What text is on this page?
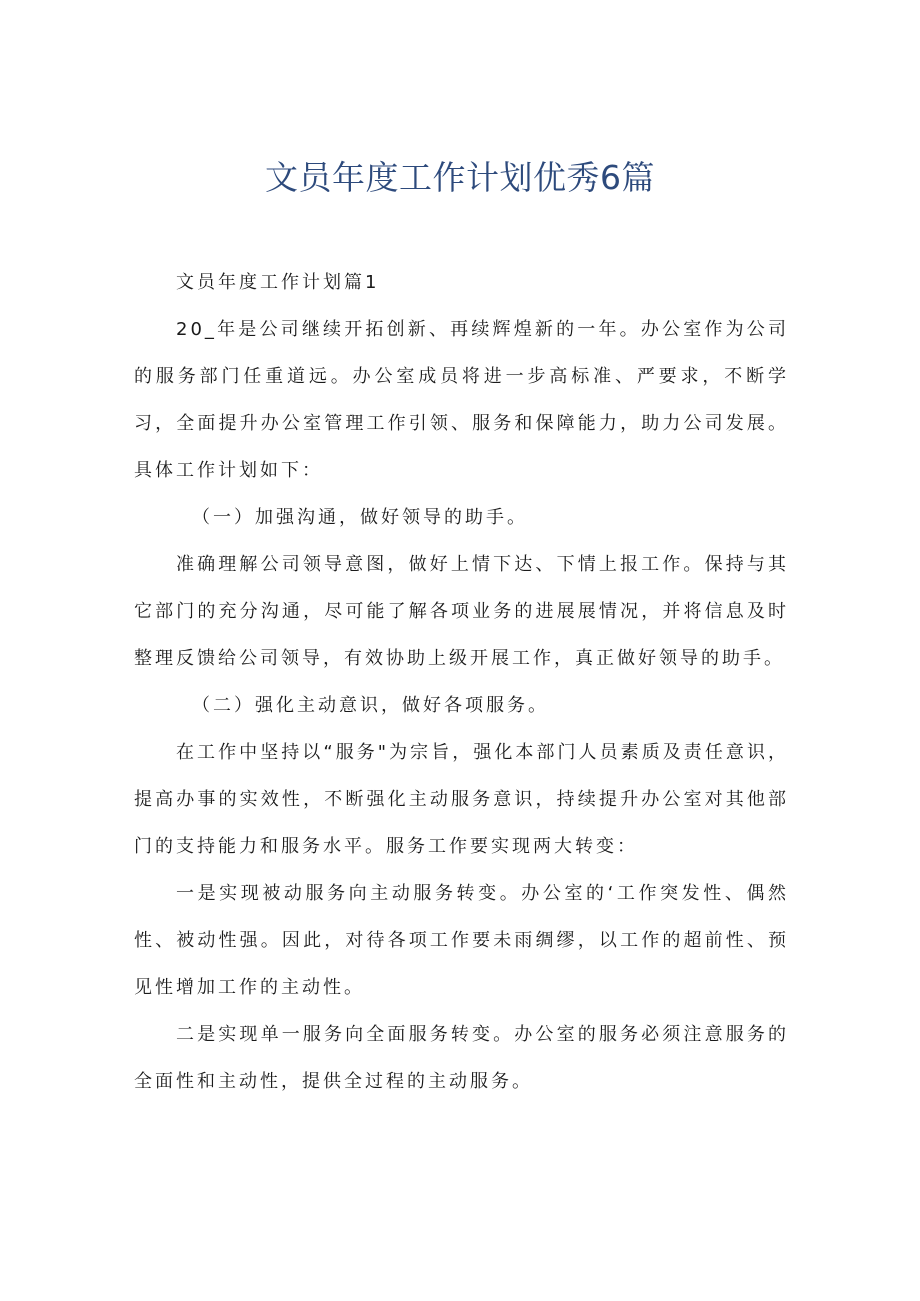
文员年度工作计划优秀6篇

文员年度工作计划篇1

20_年是公司继续开拓创新、再续辉煌新的一年。办公室作为公司的服务部门任重道远。办公室成员将进一步高标准、严要求，不断学习，全面提升办公室管理工作引领、服务和保障能力，助力公司发展。具体工作计划如下：

（一）加强沟通，做好领导的助手。

准确理解公司领导意图，做好上情下达、下情上报工作。保持与其它部门的充分沟通，尽可能了解各项业务的进展展情况，并将信息及时整理反馈给公司领导，有效协助上级开展工作，真正做好领导的助手。

（二）强化主动意识，做好各项服务。

在工作中坚持以“服务"为宗旨，强化本部门人员素质及责任意识，提高办事的实效性，不断强化主动服务意识，持续提升办公室对其他部门的支持能力和服务水平。服务工作要实现两大转变：

一是实现被动服务向主动服务转变。办公室的‘工作突发性、偶然性、被动性强。因此，对待各项工作要未雨绸缪，以工作的超前性、预见性增加工作的主动性。

二是实现单一服务向全面服务转变。办公室的服务必须注意服务的全面性和主动性，提供全过程的主动服务。
